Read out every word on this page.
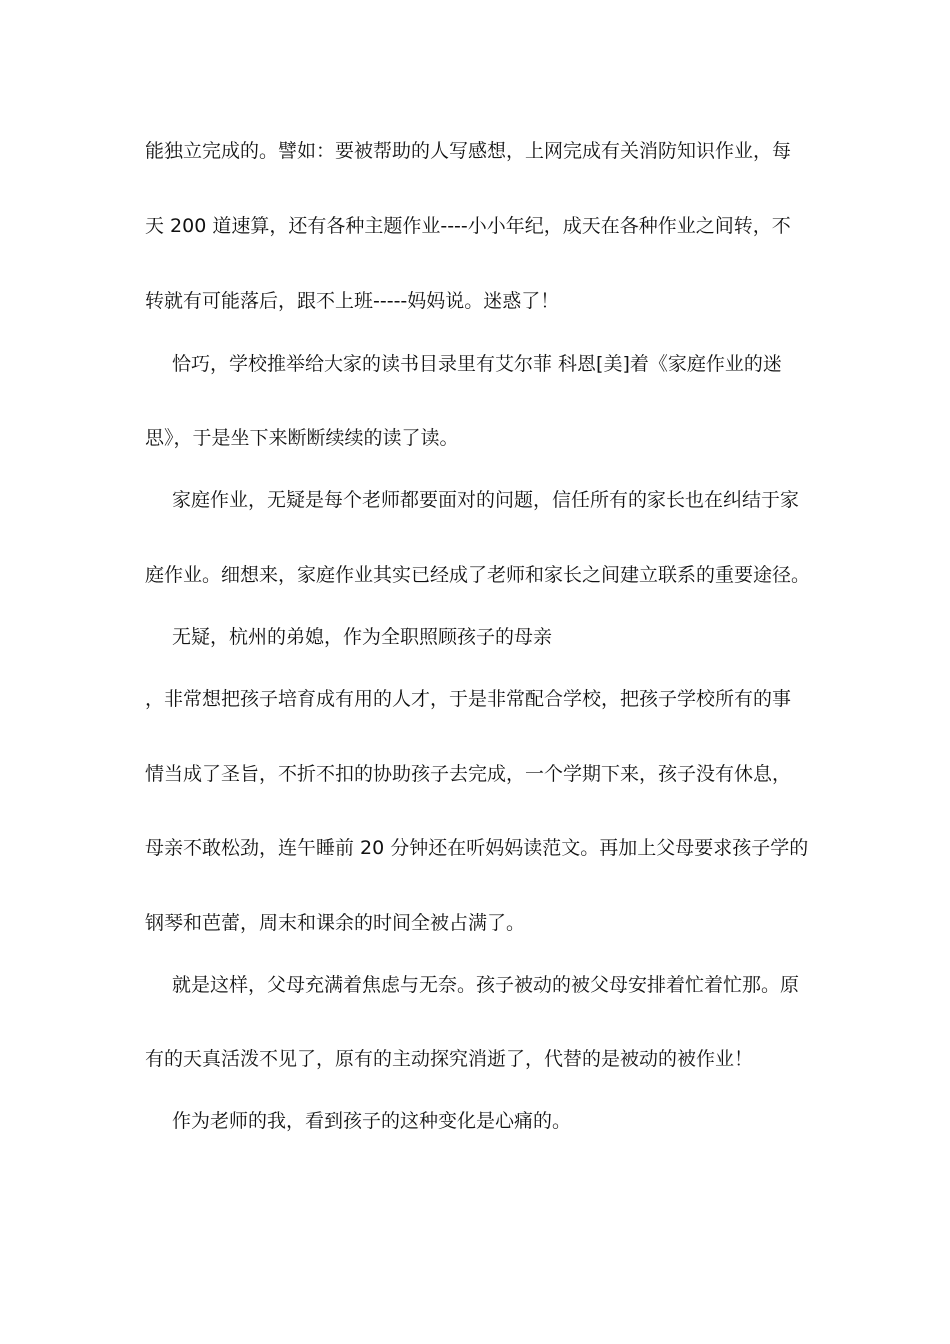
能独立完成的。譬如：要被帮助的人写感想，上网完成有关消防知识作业，每
天 200 道速算，还有各种主题作业----小小年纪，成天在各种作业之间转，不
转就有可能落后，跟不上班-----妈妈说。迷惑了！
恰巧，学校推举给大家的读书目录里有艾尔菲 科恩[美]着《家庭作业的迷
思》，于是坐下来断断续续的读了读。
家庭作业，无疑是每个老师都要面对的问题，信任所有的家长也在纠结于家
庭作业。细想来，家庭作业其实已经成了老师和家长之间建立联系的重要途径。
无疑，杭州的弟媳，作为全职照顾孩子的母亲
，非常想把孩子培育成有用的人才，于是非常配合学校，把孩子学校所有的事
情当成了圣旨，不折不扣的协助孩子去完成，一个学期下来，孩子没有休息，
母亲不敢松劲，连午睡前 20 分钟还在听妈妈读范文。再加上父母要求孩子学的
钢琴和芭蕾，周末和课余的时间全被占满了。
就是这样，父母充满着焦虑与无奈。孩子被动的被父母安排着忙着忙那。原
有的天真活泼不见了，原有的主动探究消逝了，代替的是被动的被作业！
作为老师的我，看到孩子的这种变化是心痛的。
